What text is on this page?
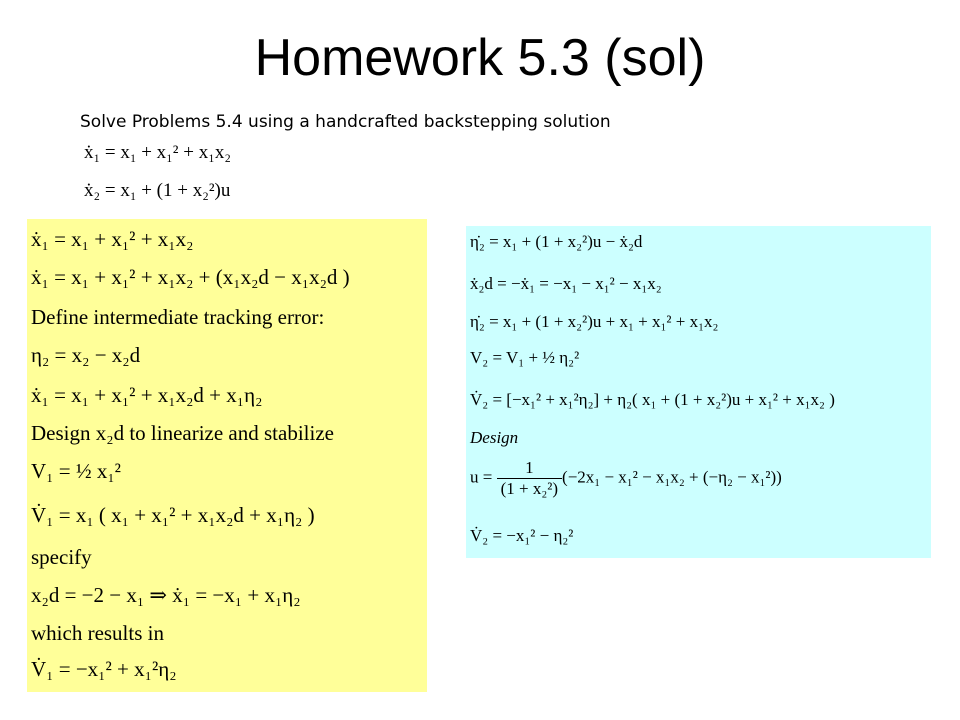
Homework 5.3 (sol)
Solve Problems 5.4 using a handcrafted backstepping solution
ẋ₁ = x₁ + x₁² + x₁x₂
ẋ₂ = x₁ + (1 + x₂²)u
ẋ₁ = x₁ + x₁² + x₁x₂
ẋ₁ = x₁ + x₁² + x₁x₂ + (x₁x₂d − x₁x₂d )
Define intermediate tracking error:
η₂ = x₂ − x₂d
ẋ₁ = x₁ + x₁² + x₁x₂d + x₁η₂
Design x₂d to linearize and stabilize
V₁ = ½ x₁²
V̇₁ = x₁ ( x₁ + x₁² + x₁x₂d + x₁η₂ )
specify
x₂d = −2 − x₁ ⇒ ẋ₁ = −x₁ + x₁η₂
which results in
V̇₁ = −x₁² + x₁²η₂
η̇₂ = x₁ + (1 + x₂²)u − ẋ₂d
ẋ₂d = −ẋ₁ = −x₁ − x₁² − x₁x₂
η̇₂ = x₁ + (1 + x₂²)u + x₁ + x₁² + x₁x₂
V₂ = V₁ + ½ η₂²
V̇₂ = [−x₁² + x₁²η₂] + η₂( x₁ + (1 + x₂²)u + x₁² + x₁x₂ )
Design
$u = \frac{1}{\text{(1 + x₂²)}} (-2x_1 - x_1^2 - x_1x_2 + (-\eta_2 - x_1^2))$
V̇₂ = −x₁² − η₂²
